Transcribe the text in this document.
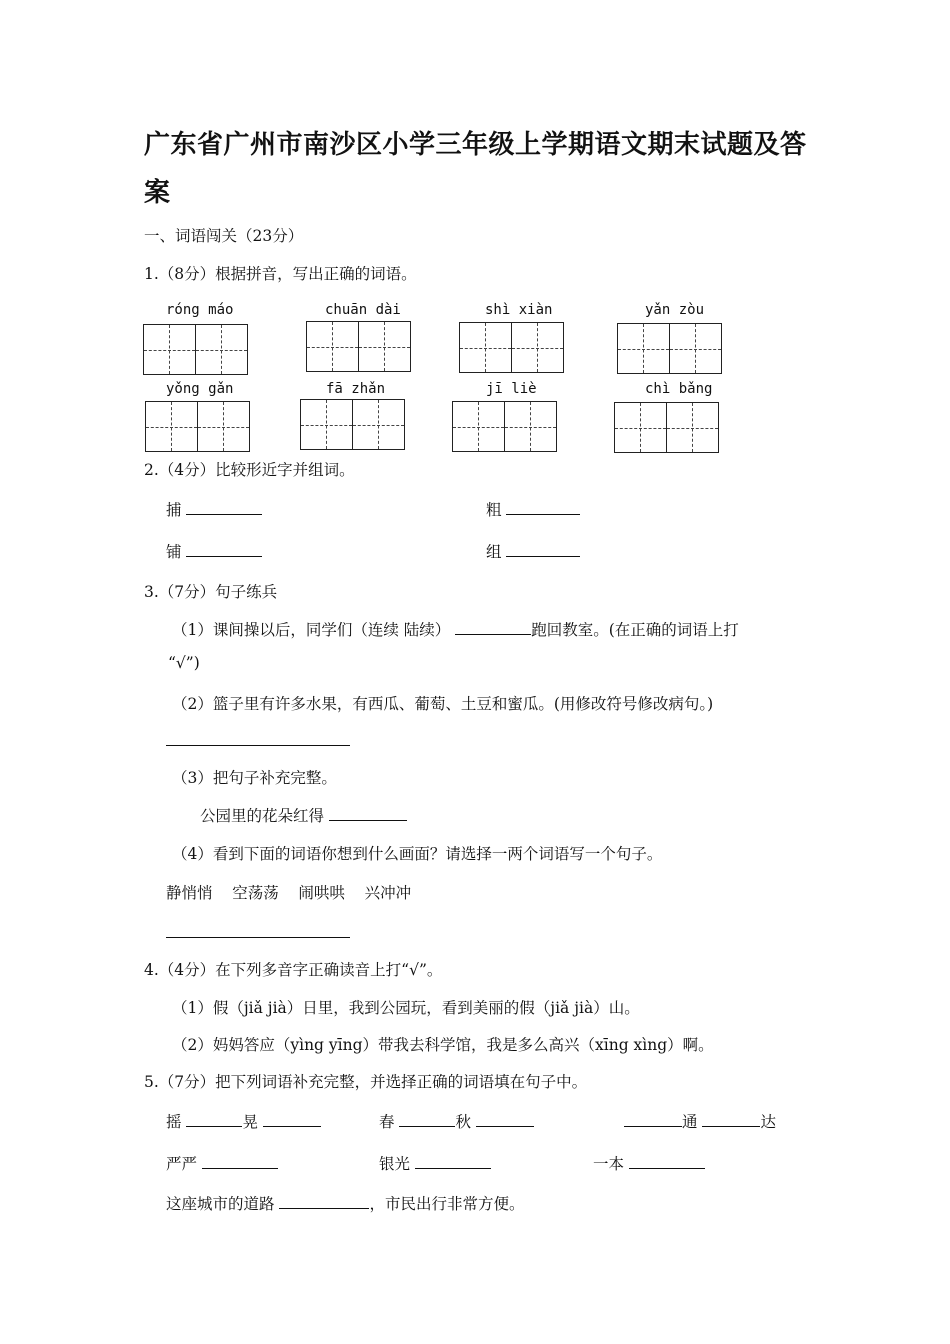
广东省广州市南沙区小学三年级上学期语文期末试题及答
案
一、词语闯关（23分）
1.（8分）根据拼音，写出正确的词语。
róng máo	chuān dài	shì xiàn	yǎn zòu
yǒng gǎn	fā zhǎn	jī liè	chì bǎng
2.（4分）比较形近字并组词。
捕	粗
铺	组
3.（7分）句子练兵
（1）课间操以后，同学们（连续 陆续）	跑回教室。(在正确的词语上打
“√”)
（2）篮子里有许多水果，有西瓜、葡萄、土豆和蜜瓜。(用修改符号修改病句。)
（3）把句子补充完整。
公园里的花朵红得
（4）看到下面的词语你想到什么画面？请选择一两个词语写一个句子。
静悄悄    空荡荡    闹哄哄    兴冲冲
4.（4分）在下列多音字正确读音上打“√”。
（1）假（jiǎ jià）日里，我到公园玩，看到美丽的假（jiǎ jià）山。
（2）妈妈答应（yìng yīng）带我去科学馆，我是多么高兴（xīng xìng）啊。
5.（7分）把下列词语补充完整，并选择正确的词语填在句子中。
摇	晃	春	秋	通	达
严严	银光	一本
这座城市的道路	，市民出行非常方便。
